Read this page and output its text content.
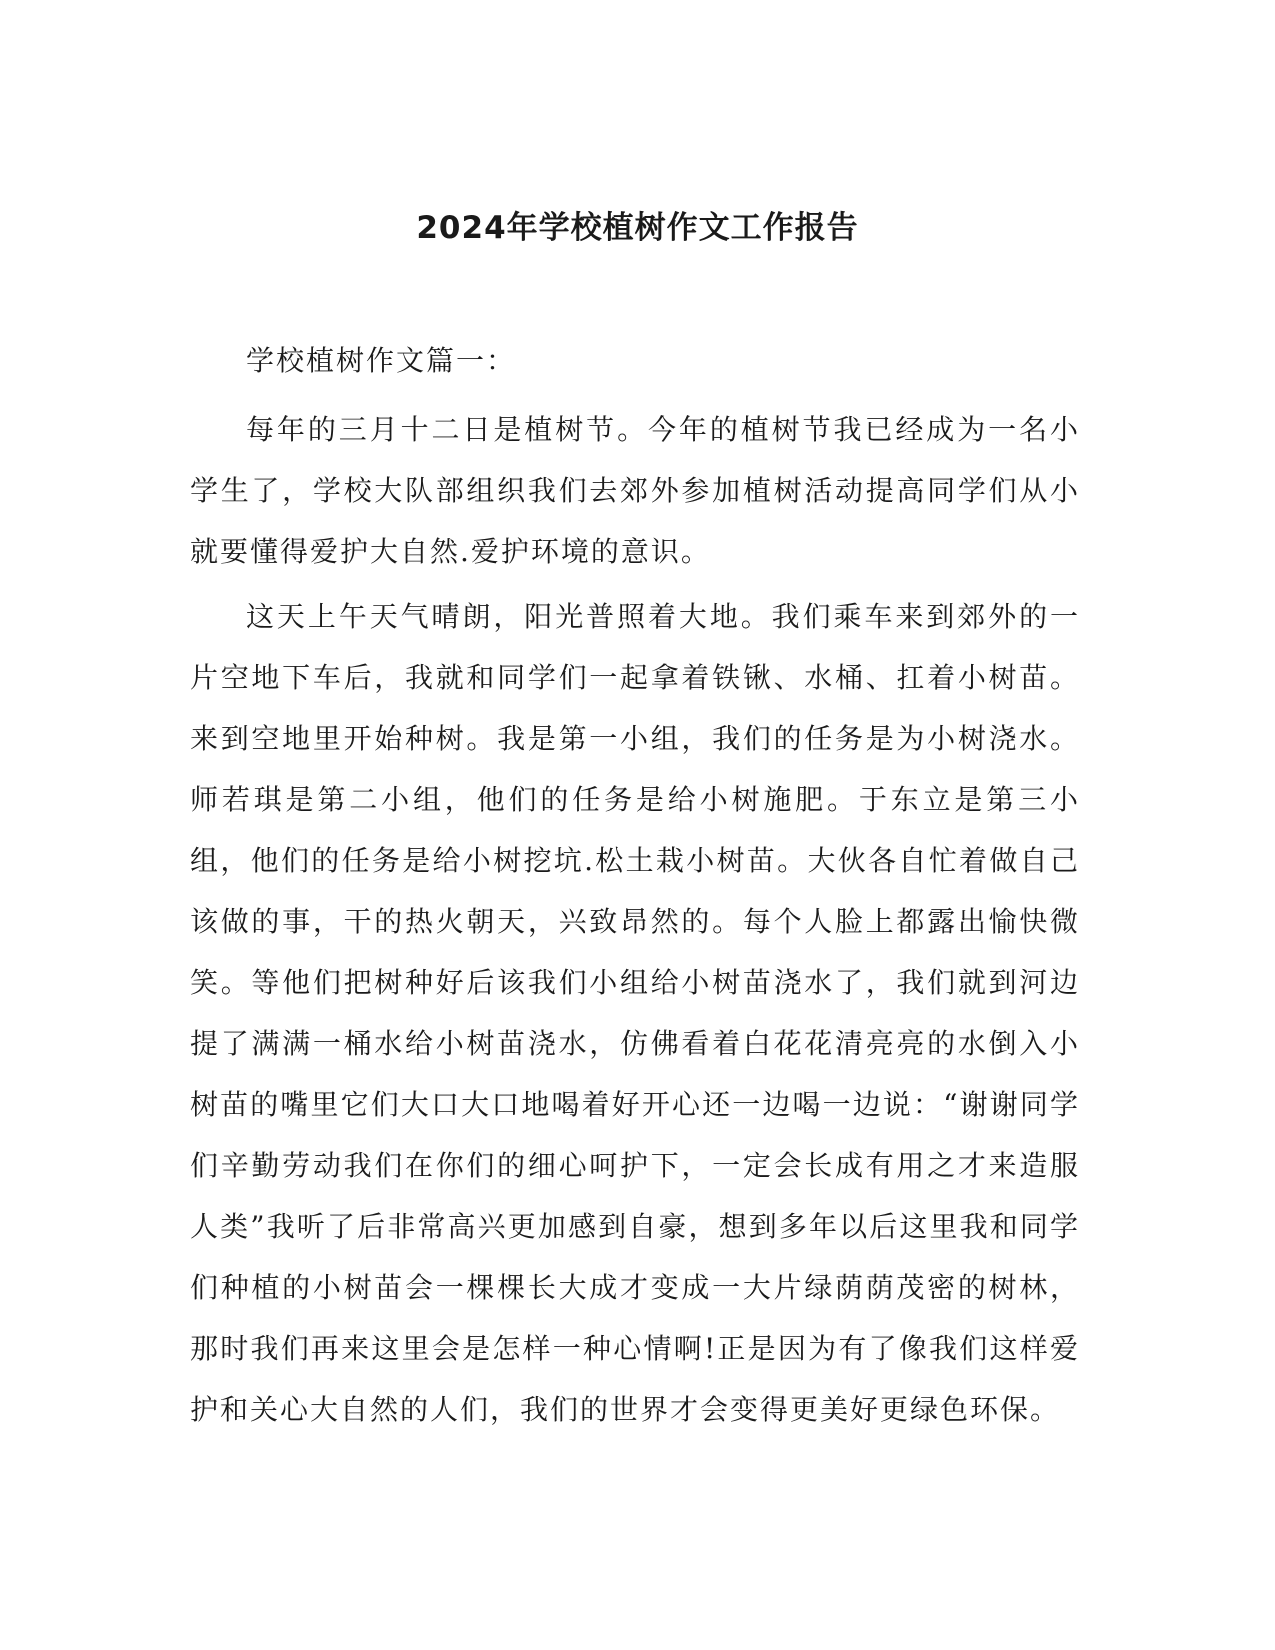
2024年学校植树作文工作报告

学校植树作文篇一：

每年的三月十二日是植树节。今年的植树节我已经成为一名小学生了，学校大队部组织我们去郊外参加植树活动提高同学们从小就要懂得爱护大自然.爱护环境的意识。

这天上午天气晴朗，阳光普照着大地。我们乘车来到郊外的一片空地下车后，我就和同学们一起拿着铁锹、水桶、扛着小树苗。来到空地里开始种树。我是第一小组，我们的任务是为小树浇水。师若琪是第二小组，他们的任务是给小树施肥。于东立是第三小组，他们的任务是给小树挖坑.松土栽小树苗。大伙各自忙着做自己该做的事，干的热火朝天，兴致昂然的。每个人脸上都露出愉快微笑。等他们把树种好后该我们小组给小树苗浇水了，我们就到河边提了满满一桶水给小树苗浇水，仿佛看着白花花清亮亮的水倒入小树苗的嘴里它们大口大口地喝着好开心还一边喝一边说：“谢谢同学们辛勤劳动我们在你们的细心呵护下，一定会长成有用之才来造服人类”我听了后非常高兴更加感到自豪，想到多年以后这里我和同学们种植的小树苗会一棵棵长大成才变成一大片绿荫荫茂密的树林，那时我们再来这里会是怎样一种心情啊!正是因为有了像我们这样爱护和关心大自然的人们，我们的世界才会变得更美好更绿色环保。
